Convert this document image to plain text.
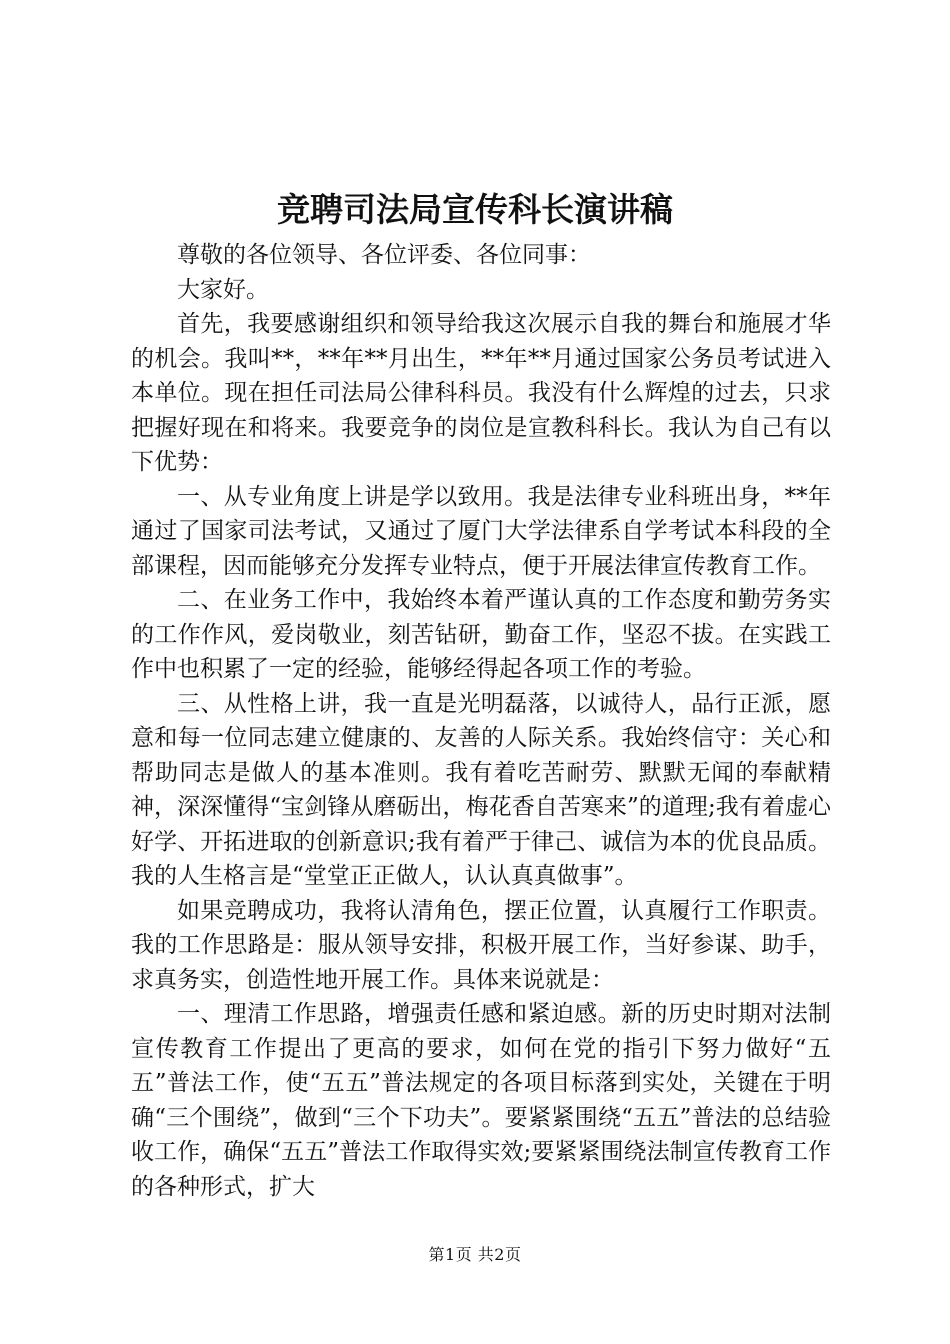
竞聘司法局宣传科长演讲稿

尊敬的各位领导、各位评委、各位同事：

大家好。

首先，我要感谢组织和领导给我这次展示自我的舞台和施展才华的机会。我叫**，**年**月出生，**年**月通过国家公务员考试进入本单位。现在担任司法局公律科科员。我没有什么辉煌的过去，只求把握好现在和将来。我要竞争的岗位是宣教科科长。我认为自己有以下优势：

一、从专业角度上讲是学以致用。我是法律专业科班出身，**年通过了国家司法考试，又通过了厦门大学法律系自学考试本科段的全部课程，因而能够充分发挥专业特点，便于开展法律宣传教育工作。

二、在业务工作中，我始终本着严谨认真的工作态度和勤劳务实的工作作风，爱岗敬业，刻苦钻研，勤奋工作，坚忍不拔。在实践工作中也积累了一定的经验，能够经得起各项工作的考验。

三、从性格上讲，我一直是光明磊落，以诚待人，品行正派，愿意和每一位同志建立健康的、友善的人际关系。我始终信守：关心和帮助同志是做人的基本准则。我有着吃苦耐劳、默默无闻的奉献精神，深深懂得“宝剑锋从磨砺出，梅花香自苦寒来”的道理;我有着虚心好学、开拓进取的创新意识;我有着严于律己、诚信为本的优良品质。我的人生格言是“堂堂正正做人，认认真真做事”。

如果竞聘成功，我将认清角色，摆正位置，认真履行工作职责。我的工作思路是：服从领导安排，积极开展工作，当好参谋、助手，求真务实，创造性地开展工作。具体来说就是：

一、理清工作思路，增强责任感和紧迫感。新的历史时期对法制宣传教育工作提出了更高的要求，如何在党的指引下努力做好“五五”普法工作，使“五五”普法规定的各项目标落到实处，关键在于明确“三个围绕”，做到“三个下功夫”。要紧紧围绕“五五”普法的总结验收工作，确保“五五”普法工作取得实效;要紧紧围绕法制宣传教育工作的各种形式，扩大

第1页 共2页
